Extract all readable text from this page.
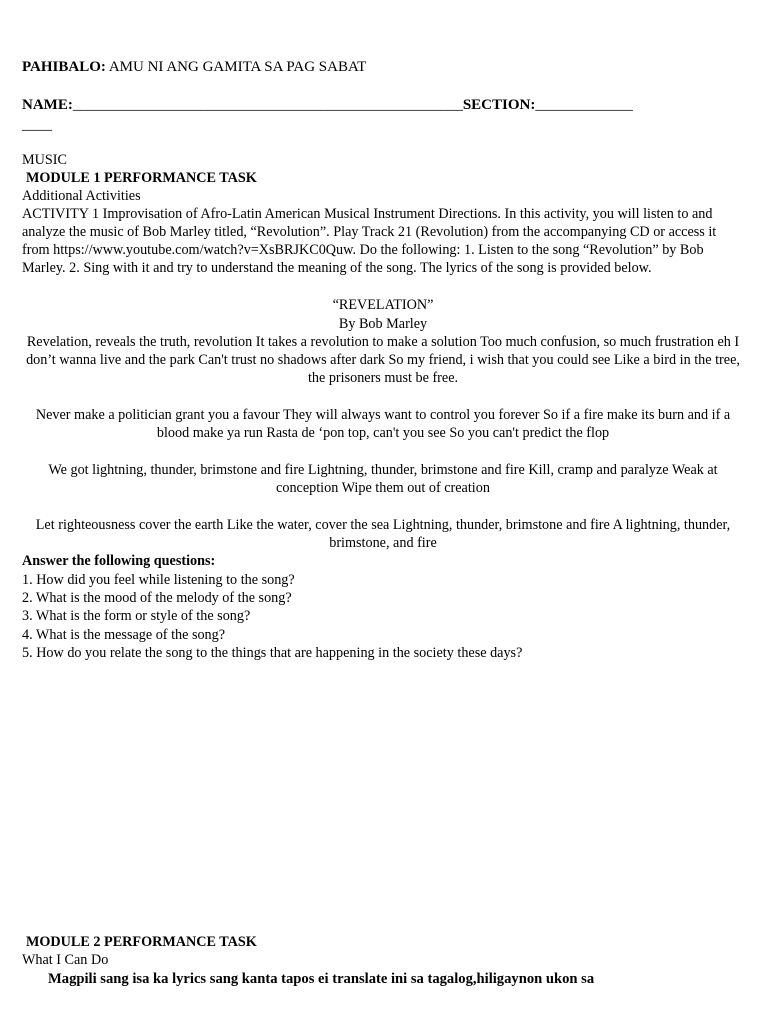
PAHIBALO: AMU NI ANG GAMITA SA PAG SABAT
NAME:____________________________________________________SECTION:_____________
____
MUSIC
MODULE 1 PERFORMANCE TASK
Additional Activities
ACTIVITY 1 Improvisation of Afro-Latin American Musical Instrument Directions. In this activity, you will listen to and analyze the music of Bob Marley titled, “Revolution”. Play Track 21 (Revolution) from the accompanying CD or access it from https://www.youtube.com/watch?v=XsBRJKC0Quw. Do the following: 1. Listen to the song “Revolution” by Bob Marley. 2. Sing with it and try to understand the meaning of the song. The lyrics of the song is provided below.
“REVELATION”
By Bob Marley
Revelation, reveals the truth, revolution It takes a revolution to make a solution Too much confusion, so much frustration eh I don’t wanna live and the park Can't trust no shadows after dark So my friend, i wish that you could see Like a bird in the tree, the prisoners must be free.
Never make a politician grant you a favour They will always want to control you forever So if a fire make its burn and if a blood make ya run Rasta de ‘pon top, can't you see So you can't predict the flop
We got lightning, thunder, brimstone and fire Lightning, thunder, brimstone and fire Kill, cramp and paralyze Weak at conception Wipe them out of creation
Let righteousness cover the earth Like the water, cover the sea Lightning, thunder, brimstone and fire A lightning, thunder, brimstone, and fire
Answer the following questions:
1. How did you feel while listening to the song?
2. What is the mood of the melody of the song?
3. What is the form or style of the song?
4. What is the message of the song?
5. How do you relate the song to the things that are happening in the society these days?
MODULE 2 PERFORMANCE TASK
What I Can Do
Magpili sang isa ka lyrics sang kanta tapos ei translate ini sa tagalog,hiligaynon ukon sa
